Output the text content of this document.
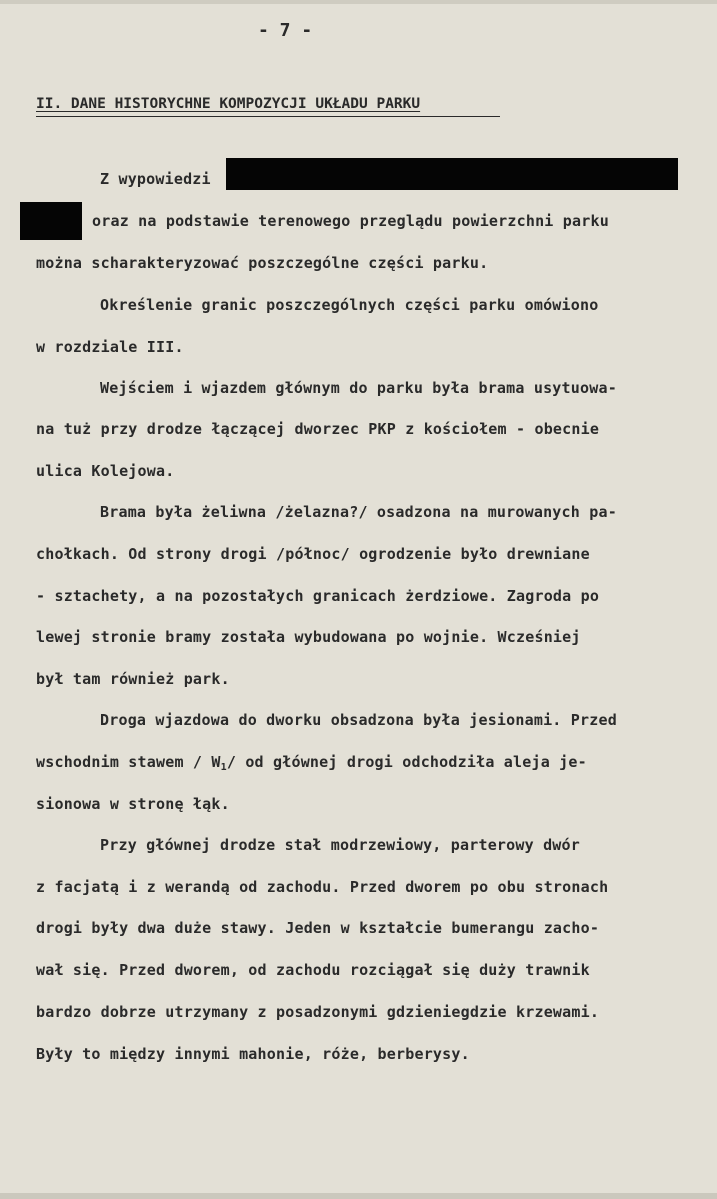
- 7 -
II. DANE HISTORYCHNE KOMPOZYCJI UKŁADU PARKU
Z wypowiedzi
oraz na podstawie terenowego przeglądu powierzchni parku
można scharakteryzować poszczególne części parku.
Określenie granic poszczególnych części parku omówiono
w rozdziale III.
Wejściem i wjazdem głównym do parku była brama usytuowa-
na tuż przy drodze łączącej dworzec PKP z kościołem - obecnie
ulica Kolejowa.
Brama była żeliwna /żelazna?/ osadzona na murowanych pa-
chołkach. Od strony drogi /północ/ ogrodzenie było drewniane
- sztachety, a na pozostałych granicach żerdziowe. Zagroda po
lewej stronie bramy została wybudowana po wojnie. Wcześniej
był tam również park.
Droga wjazdowa do dworku obsadzona była jesionami. Przed
wschodnim stawem / $W_1/$ od głównej drogi odchodziła aleja je-
sionowa w stronę łąk.
Przy głównej drodze stał modrzewiowy, parterowy dwór
z facjatą i z werandą od zachodu. Przed dworem po obu stronach
drogi były dwa duże stawy. Jeden w kształcie bumerangu zacho-
wał się. Przed dworem, od zachodu rozciągał się duży trawnik
bardzo dobrze utrzymany z posadzonymi gdzieniegdzie krzewami.
Były to między innymi mahonie, róże, berberysy.
